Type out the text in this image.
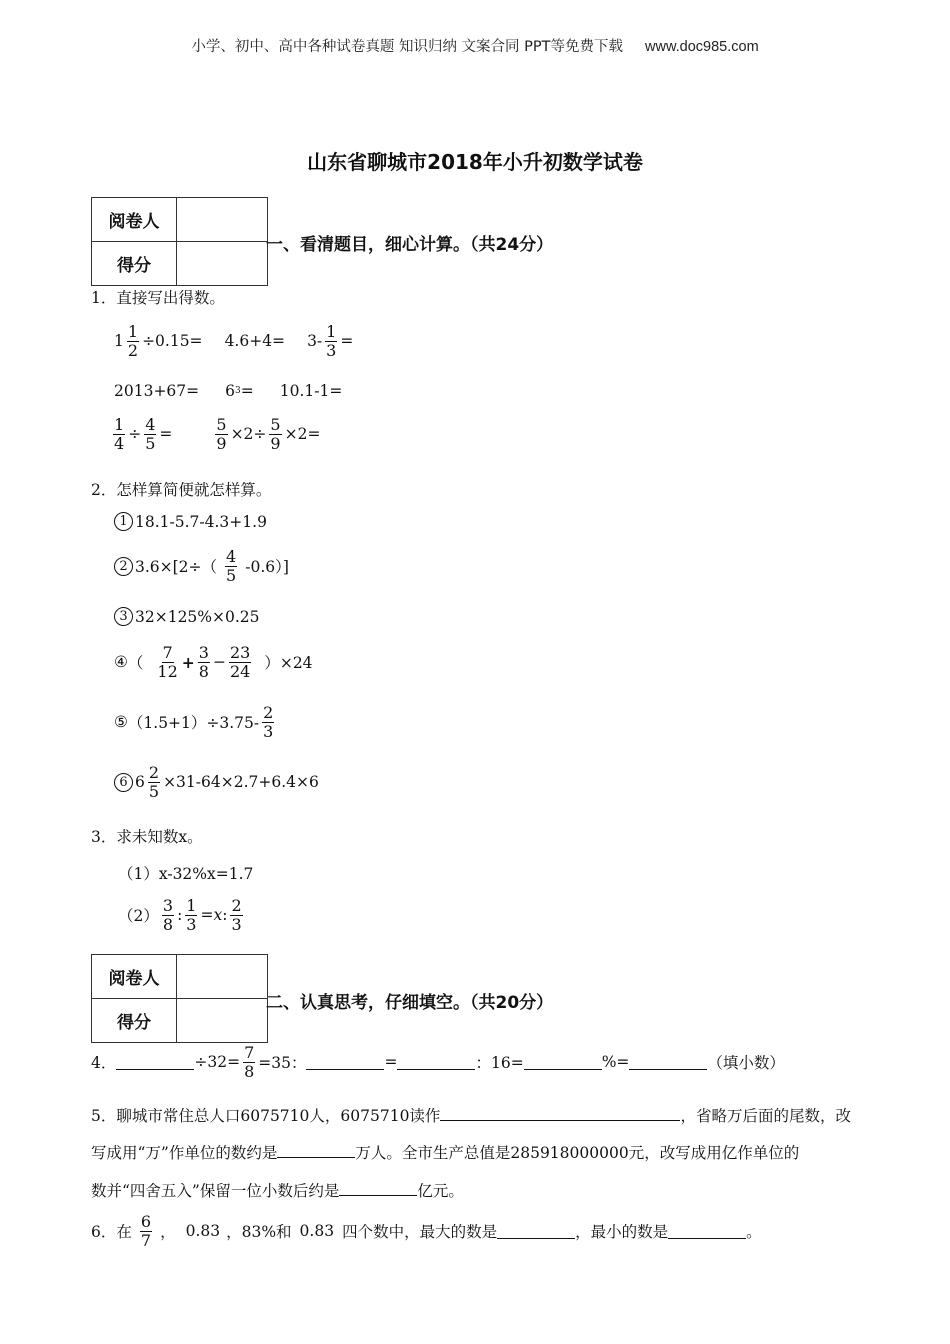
小学、初中、高中各种试卷真题 知识归纳 文案合同 PPT等免费下载 www.doc985.com
山东省聊城市2018年小升初数学试卷
阅卷人	
得分	
一、看清题目，细心计算。（共24分）
1．直接写出得数。
$1 \frac{1}{2} \div 0.15= 4.6+4= 3- \frac{1}{3}$ =
2013+67= 6 3 = 10.1-1=
$\frac{1}{4} \div \frac{4}{5}$ =	$\frac{5}{9} \times 2\div \frac{5}{9} \times 2=$
2．怎样算简便就怎样算。
1 18.1-5.7-4.3+1.9
2 $3.6\times[2\div( \frac{4}{5} -0.6)]$
3 32×125%×0.25
④ （ $\frac{7}{12} + \frac{3}{8} - \frac{23}{24} )\times 24$
⑤ $(1.5+1)\div 3.75- \frac{2}{3}$
6 $6 \frac{2}{5} \times 31-64\times 2.7+6.4\times 6$
3．求未知数x。
（1）x-32%x=1.7
$(2) \frac{3}{8}$ : $\frac{1}{3} = x$ : $\frac{2}{3}$
阅卷人	
得分	
二、认真思考，仔细填空。（共20分）
4．	$\div 32= \frac{7}{8} =35$：	=	：16=	%=	（填小数）
5．聊城市常住总人口6075710人，6075710读作	，省略万后面的尾数，改
写成用“万”作单位的数约是	万人。全市生产总值是285918000000元，改写成用亿作单位的
数并“四舍五入”保留一位小数后约是	亿元。
6．在 $\frac{6}{7}$ ， 0.83 ，83%和 0.83 四个数中，最大的数是	，最小的数是	。
